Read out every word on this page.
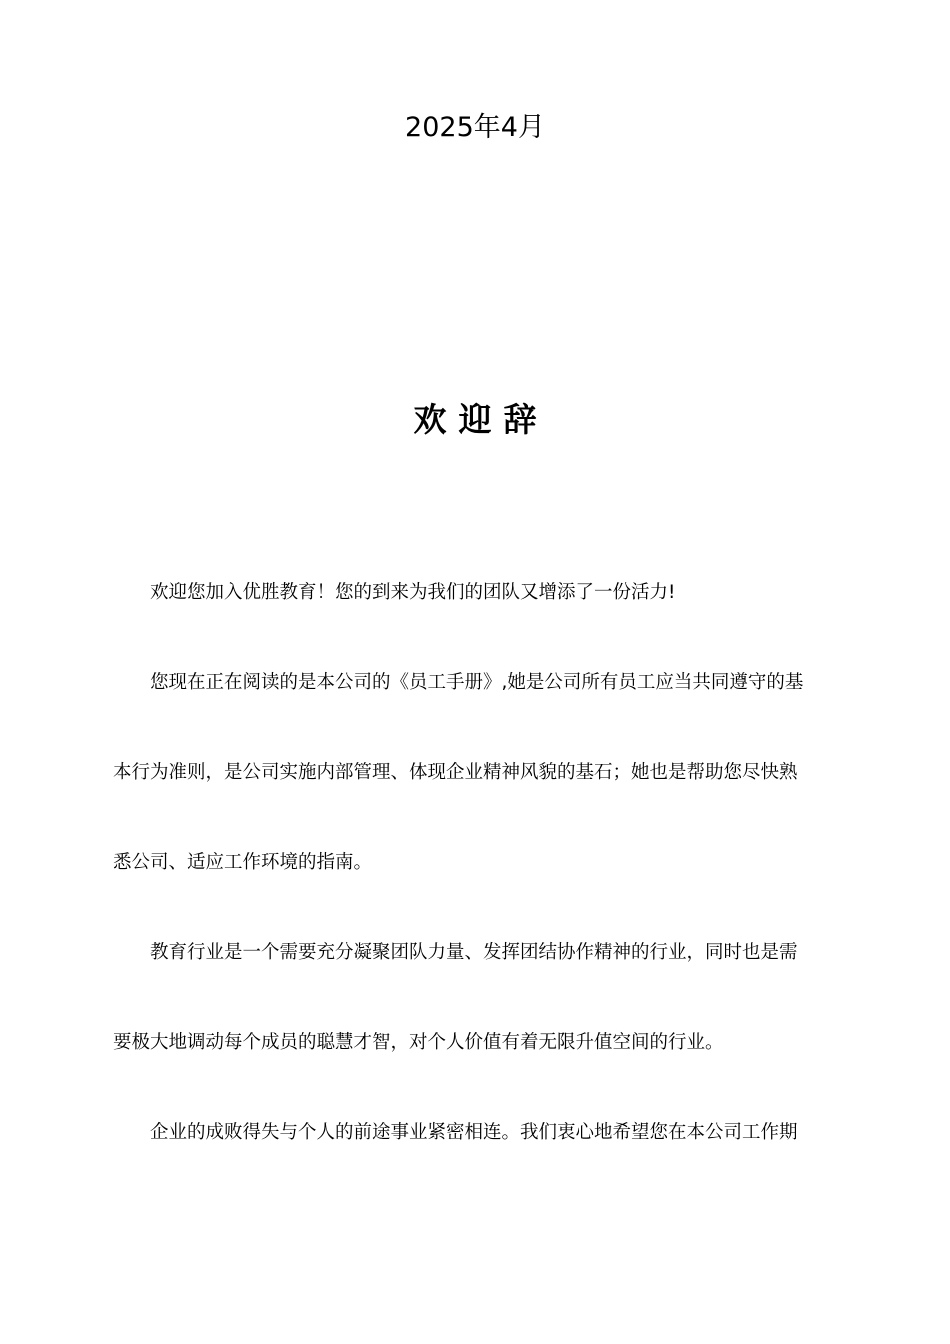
2025年4月
欢迎辞
欢迎您加入优胜教育！您的到来为我们的团队又增添了一份活力!
您现在正在阅读的是本公司的《员工手册》,她是公司所有员工应当共同遵守的基
本行为准则，是公司实施内部管理、体现企业精神风貌的基石；她也是帮助您尽快熟
悉公司、适应工作环境的指南。
教育行业是一个需要充分凝聚团队力量、发挥团结协作精神的行业，同时也是需
要极大地调动每个成员的聪慧才智，对个人价值有着无限升值空间的行业。
企业的成败得失与个人的前途事业紧密相连。我们衷心地希望您在本公司工作期
